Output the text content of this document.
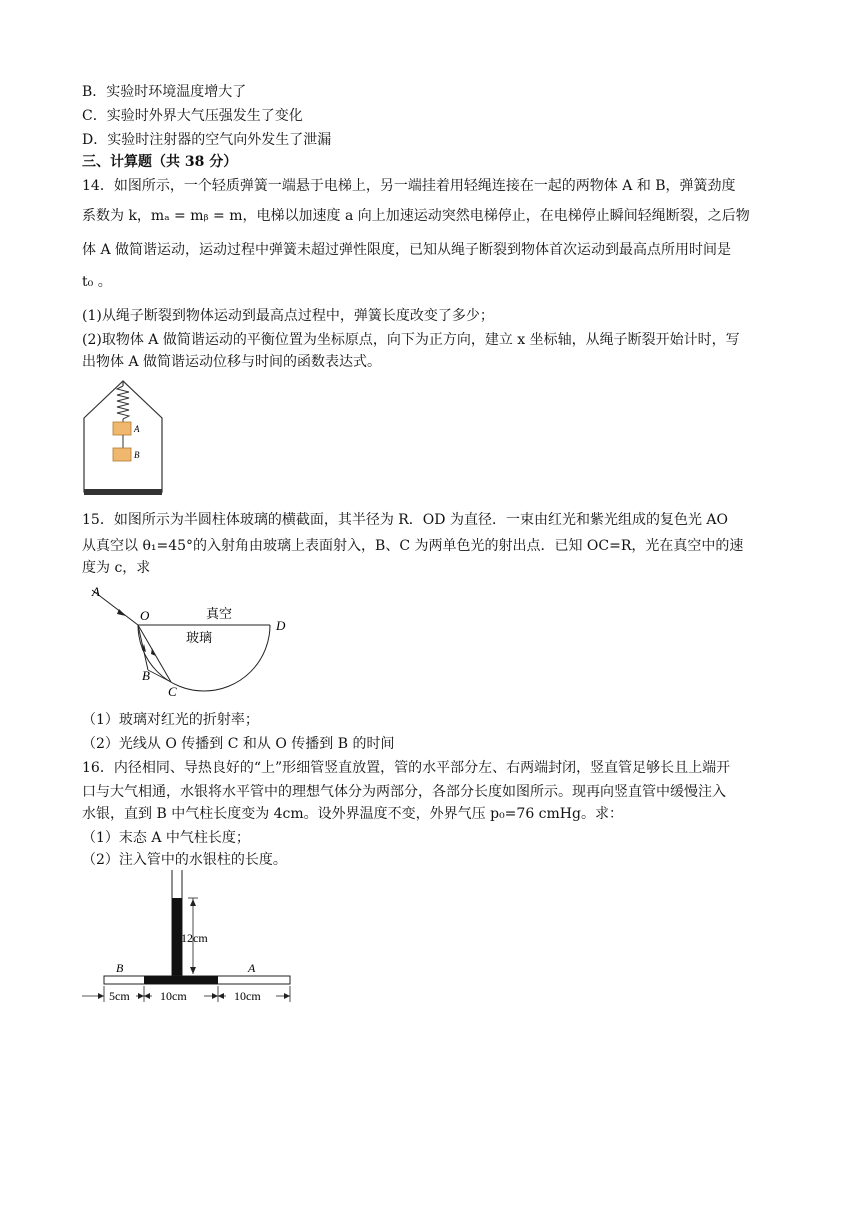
B．实验时环境温度增大了
C．实验时外界大气压强发生了变化
D．实验时注射器的空气向外发生了泄漏
三、计算题（共 38 分）
14．如图所示，一个轻质弹簧一端悬于电梯上，另一端挂着用轻绳连接在一起的两物体 A 和 B，弹簧劲度
系数为 k，mₐ = mᵦ = m，电梯以加速度 a 向上加速运动突然电梯停止，在电梯停止瞬间轻绳断裂，之后物
体 A 做简谐运动，运动过程中弹簧未超过弹性限度，已知从绳子断裂到物体首次运动到最高点所用时间是
t₀ 。
(1)从绳子断裂到物体运动到最高点过程中，弹簧长度改变了多少；
(2)取物体 A 做简谐运动的平衡位置为坐标原点，向下为正方向，建立 x 坐标轴，从绳子断裂开始计时，写
出物体 A 做简谐运动位移与时间的函数表达式。
A
B
15．如图所示为半圆柱体玻璃的横截面，其半径为 R．OD 为直径．一束由红光和紫光组成的复色光 AO
从真空以 θ₁=45°的入射角由玻璃上表面射入，B、C 为两单色光的射出点．已知 OC=R，光在真空中的速
度为 c，求
A
O
D
B
C
真空
玻璃
（1）玻璃对红光的折射率；
（2）光线从 O 传播到 C 和从 O 传播到 B 的时间
16．内径相同、导热良好的“上”形细管竖直放置，管的水平部分左、右两端封闭，竖直管足够长且上端开
口与大气相通，水银将水平管中的理想气体分为两部分，各部分长度如图所示。现再向竖直管中缓慢注入
水银，直到 B 中气柱长度变为 4cm。设外界温度不变，外界气压 p₀=76 cmHg。求：
（1）末态 A 中气柱长度；
（2）注入管中的水银柱的长度。
12cm
B	A
5cm	10cm	10cm
